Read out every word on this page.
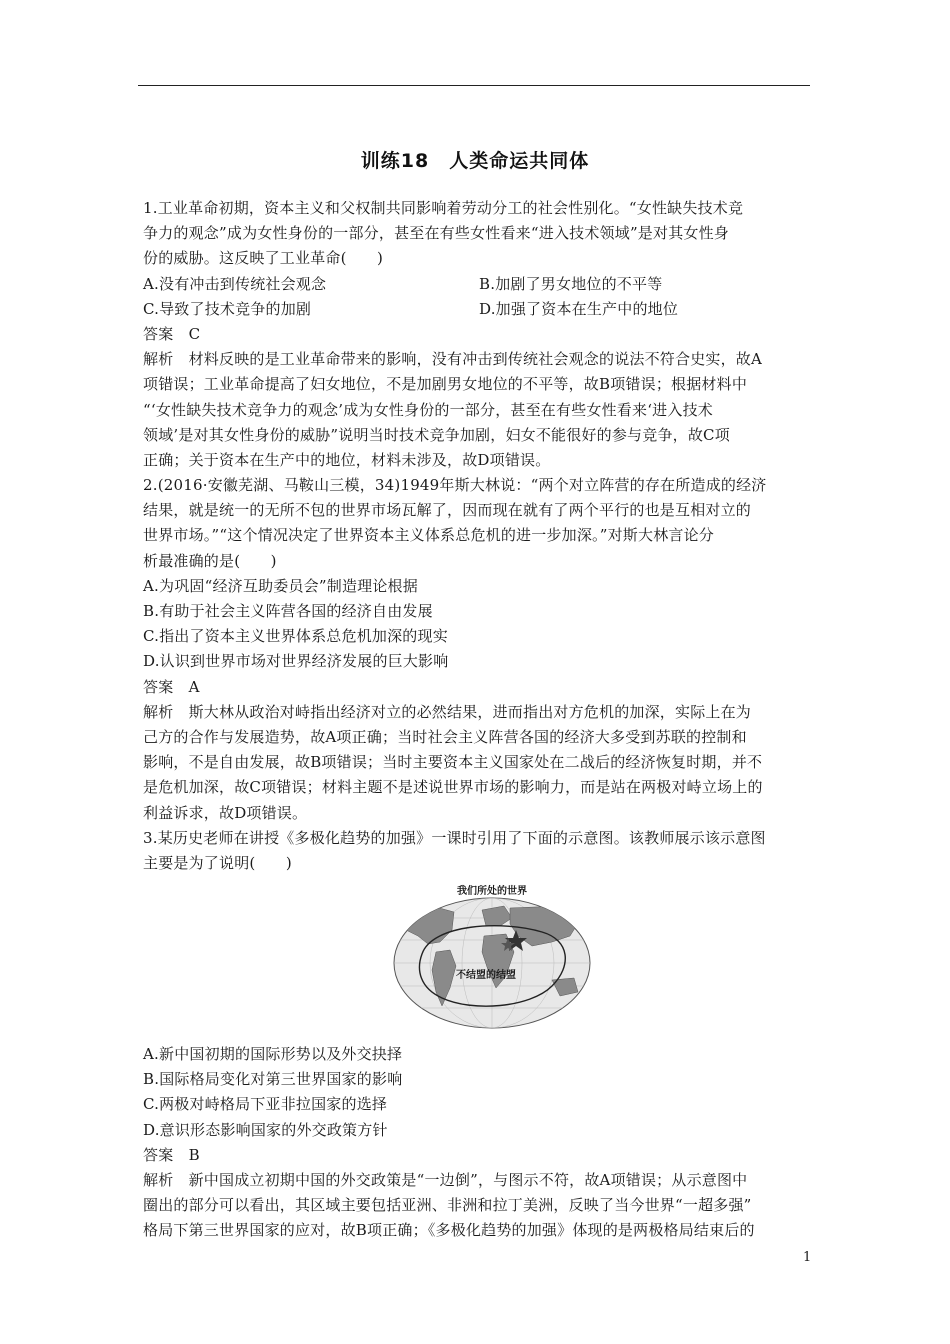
训练18　人类命运共同体
1.工业革命初期，资本主义和父权制共同影响着劳动分工的社会性别化。“女性缺失技术竞
争力的观念”成为女性身份的一部分，甚至在有些女性看来“进入技术领域”是对其女性身
份的威胁。这反映了工业革命(　　)
A.没有冲击到传统社会观念	B.加剧了男女地位的不平等
C.导致了技术竞争的加剧	D.加强了资本在生产中的地位
答案　C
解析　材料反映的是工业革命带来的影响，没有冲击到传统社会观念的说法不符合史实，故A
项错误；工业革命提高了妇女地位，不是加剧男女地位的不平等，故B项错误；根据材料中
“‘女性缺失技术竞争力的观念’成为女性身份的一部分，甚至在有些女性看来‘进入技术
领域’是对其女性身份的威胁”说明当时技术竞争加剧，妇女不能很好的参与竞争，故C项
正确；关于资本在生产中的地位，材料未涉及，故D项错误。
2.(2016·安徽芜湖、马鞍山三模，34)1949年斯大林说：“两个对立阵营的存在所造成的经济
结果，就是统一的无所不包的世界市场瓦解了，因而现在就有了两个平行的也是互相对立的
世界市场。”“这个情况决定了世界资本主义体系总危机的进一步加深。”对斯大林言论分
析最准确的是(　　)
A.为巩固“经济互助委员会”制造理论根据
B.有助于社会主义阵营各国的经济自由发展
C.指出了资本主义世界体系总危机加深的现实
D.认识到世界市场对世界经济发展的巨大影响
答案　A
解析　斯大林从政治对峙指出经济对立的必然结果，进而指出对方危机的加深，实际上在为
己方的合作与发展造势，故A项正确；当时社会主义阵营各国的经济大多受到苏联的控制和
影响，不是自由发展，故B项错误；当时主要资本主义国家处在二战后的经济恢复时期，并不
是危机加深，故C项错误；材料主题不是述说世界市场的影响力，而是站在两极对峙立场上的
利益诉求，故D项错误。
3.某历史老师在讲授《多极化趋势的加强》一课时引用了下面的示意图。该教师展示该示意图
主要是为了说明(　　)
我们所处的世界
不结盟的结盟
A.新中国初期的国际形势以及外交抉择
B.国际格局变化对第三世界国家的影响
C.两极对峙格局下亚非拉国家的选择
D.意识形态影响国家的外交政策方针
答案　B
解析　新中国成立初期中国的外交政策是“一边倒”，与图示不符，故A项错误；从示意图中
圈出的部分可以看出，其区域主要包括亚洲、非洲和拉丁美洲，反映了当今世界“一超多强”
格局下第三世界国家的应对，故B项正确；《多极化趋势的加强》体现的是两极格局结束后的
1
